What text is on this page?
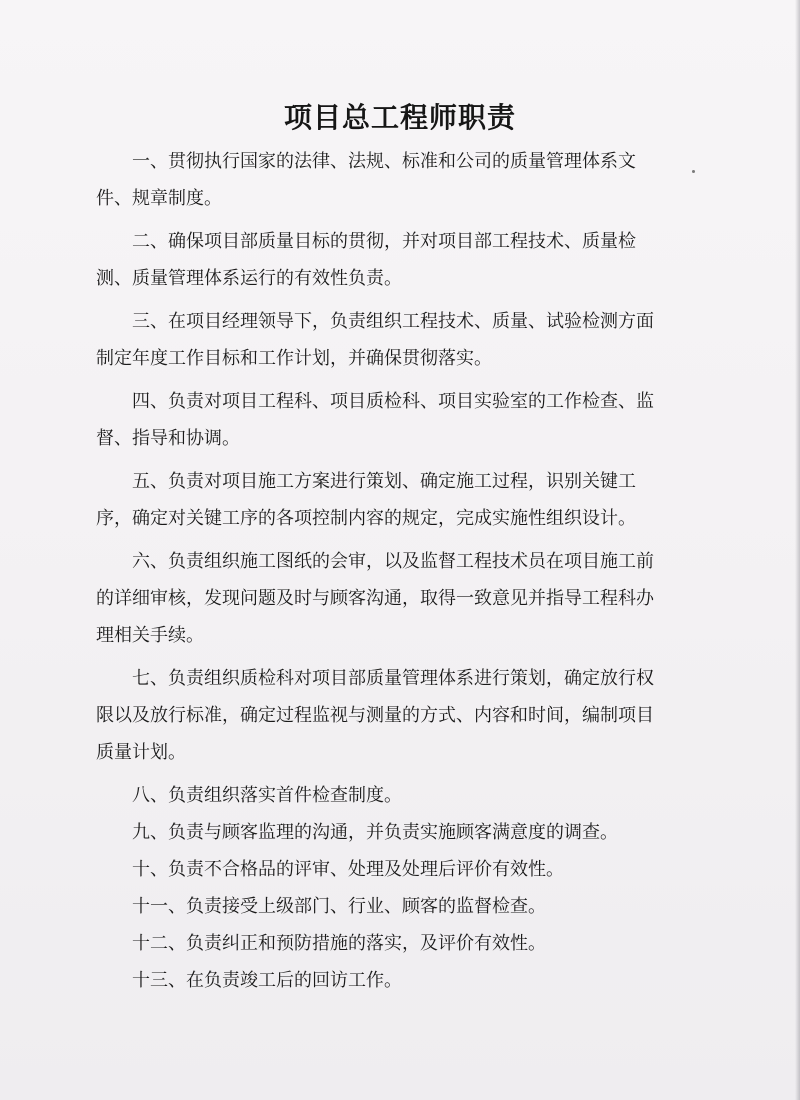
项目总工程师职责

一、贯彻执行国家的法律、法规、标准和公司的质量管理体系文件、规章制度。

二、确保项目部质量目标的贯彻，并对项目部工程技术、质量检测、质量管理体系运行的有效性负责。

三、在项目经理领导下，负责组织工程技术、质量、试验检测方面制定年度工作目标和工作计划，并确保贯彻落实。

四、负责对项目工程科、项目质检科、项目实验室的工作检查、监督、指导和协调。

五、负责对项目施工方案进行策划、确定施工过程，识别关键工序，确定对关键工序的各项控制内容的规定，完成实施性组织设计。

六、负责组织施工图纸的会审，以及监督工程技术员在项目施工前的详细审核，发现问题及时与顾客沟通，取得一致意见并指导工程科办理相关手续。

七、负责组织质检科对项目部质量管理体系进行策划，确定放行权限以及放行标准，确定过程监视与测量的方式、内容和时间，编制项目质量计划。

八、负责组织落实首件检查制度。

九、负责与顾客监理的沟通，并负责实施顾客满意度的调查。

十、负责不合格品的评审、处理及处理后评价有效性。

十一、负责接受上级部门、行业、顾客的监督检查。

十二、负责纠正和预防措施的落实，及评价有效性。

十三、在负责竣工后的回访工作。
